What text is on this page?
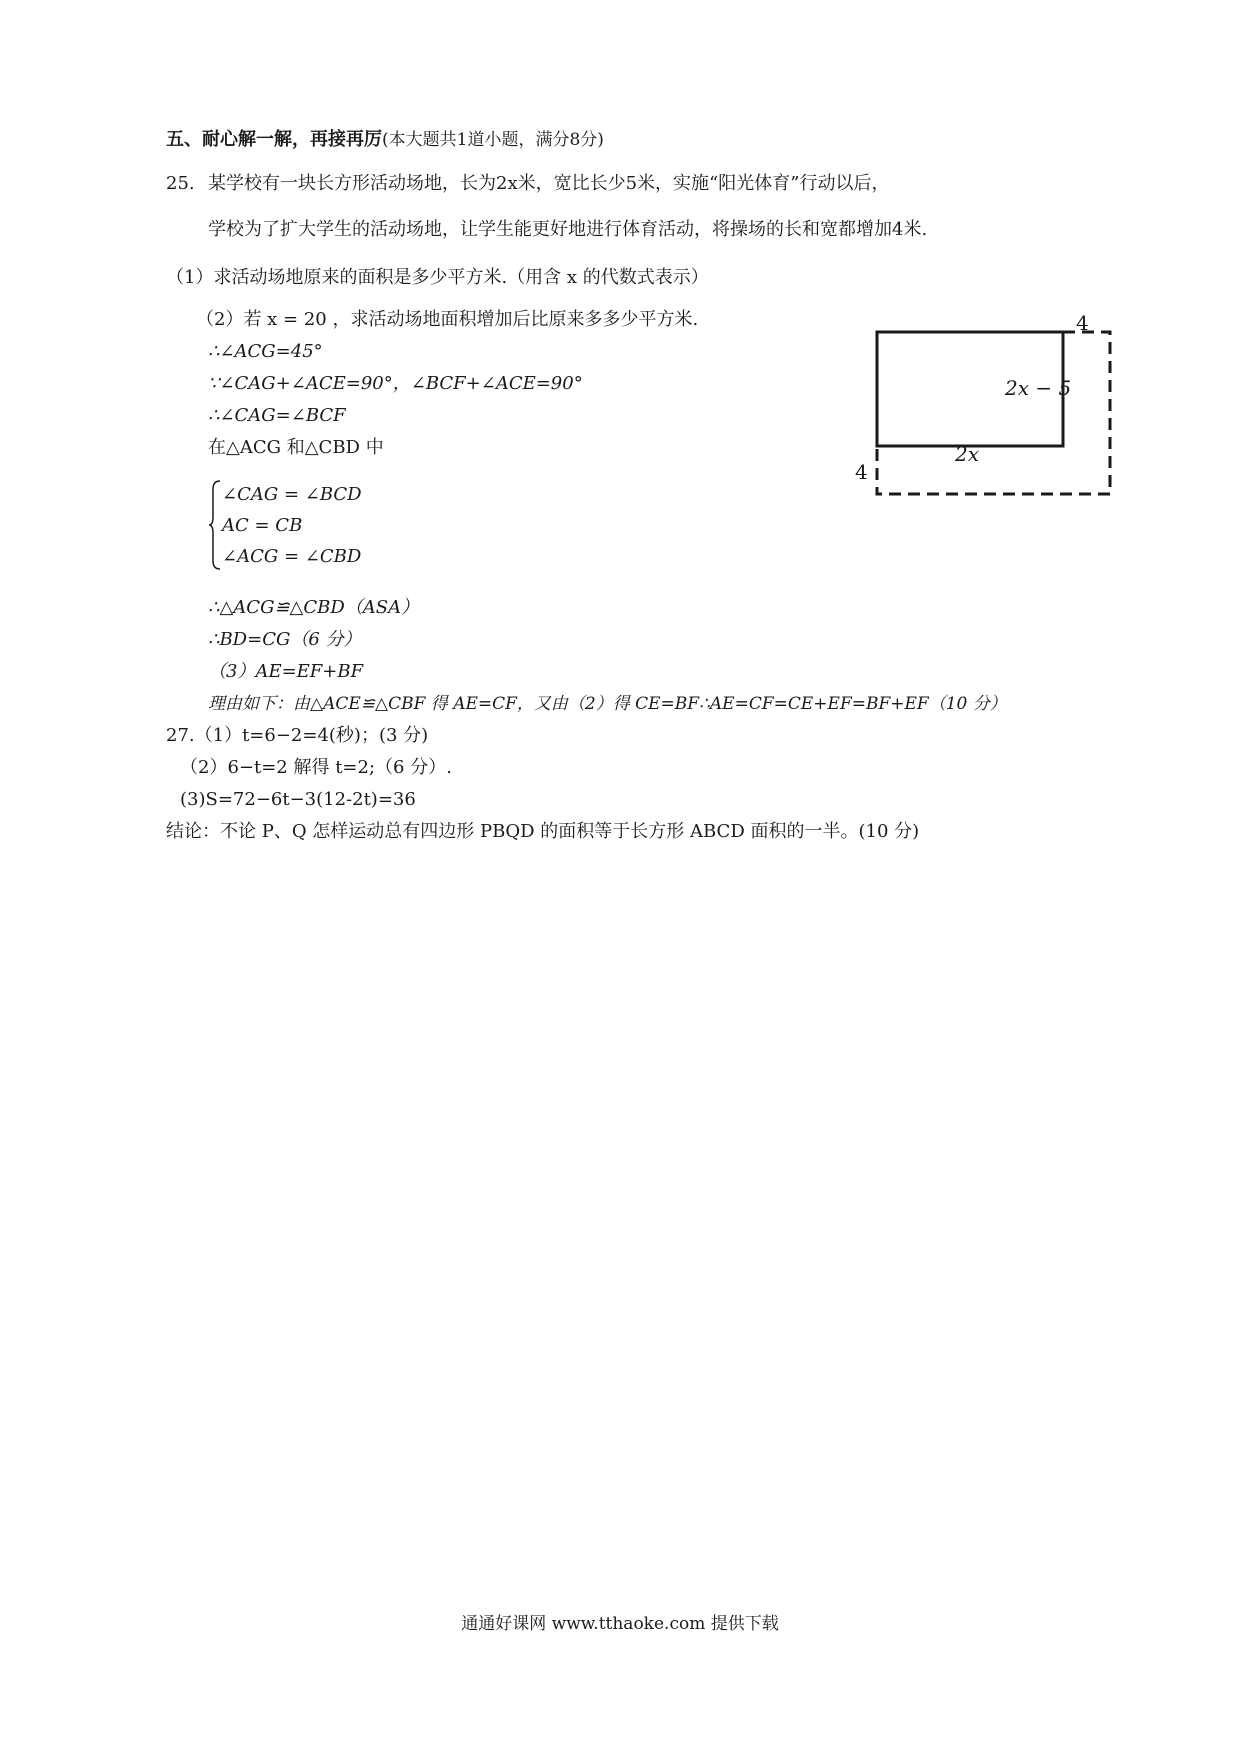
五、耐心解一解，再接再厉(本大题共1道小题，满分8分)
25. 某学校有一块长方形活动场地，长为2x米，宽比长少5米，实施“阳光体育”行动以后，
学校为了扩大学生的活动场地，让学生能更好地进行体育活动，将操场的长和宽都增加4米.
（1）求活动场地原来的面积是多少平方米.（用含 x 的代数式表示）
（2）若 x = 20 ，求活动场地面积增加后比原来多多少平方米.
∴∠ACG=45°
∵∠CAG+∠ACE=90°，∠BCF+∠ACE=90°
∴∠CAG=∠BCF
在△ACG 和△CBD 中
∠CAG = ∠BCD
AC = CB
∠ACG = ∠CBD
∴△ACG≌△CBD（ASA）
∴BD=CG（6 分）
（3）AE=EF+BF
理由如下：由△ACE≌△CBF 得 AE=CF，又由（2）得 CE=BF∴AE=CF=CE+EF=BF+EF（10 分）
27.（1）t=6−2=4(秒)；(3 分)
（2）6−t=2 解得 t=2;（6 分）.
(3)S=72−6t−3(12-2t)=36
结论：不论 P、Q 怎样运动总有四边形 PBQD 的面积等于长方形 ABCD 面积的一半。(10 分)
4
2x − 5
2x
4
通通好课网 www.tthaoke.com 提供下载
